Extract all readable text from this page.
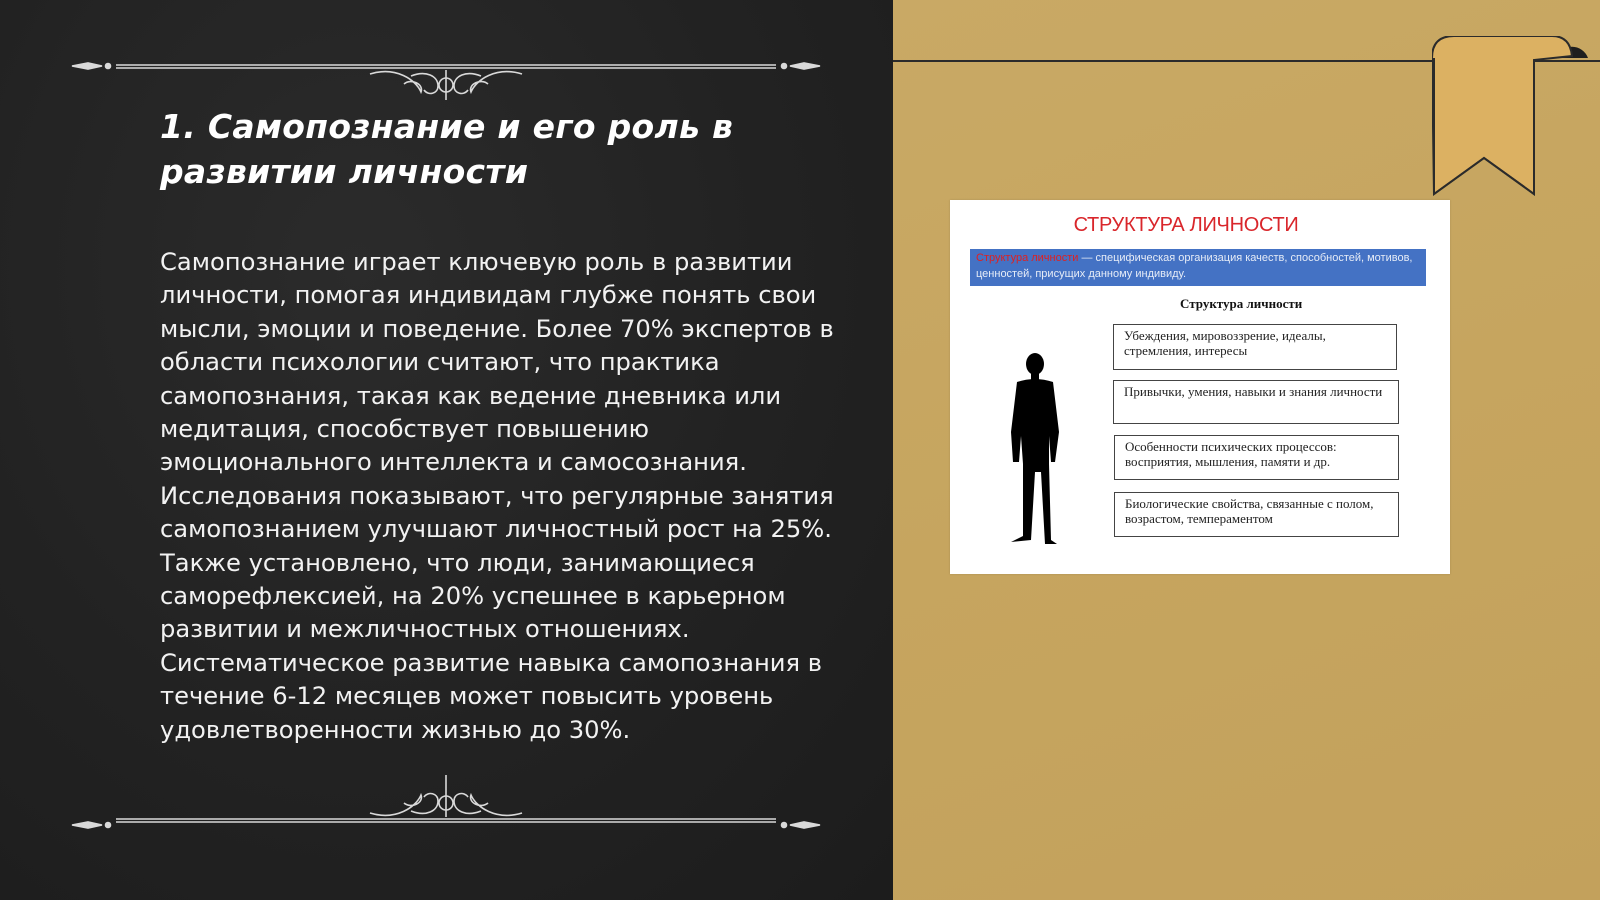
1. Самопознание и его роль в развитии личности

Самопознание играет ключевую роль в развитии личности, помогая индивидам глубже понять свои мысли, эмоции и поведение. Более 70% экспертов в области психологии считают, что практика самопознания, такая как ведение дневника или медитация, способствует повышению эмоционального интеллекта и самосознания. Исследования показывают, что регулярные занятия самопознанием улучшают личностный рост на 25%. Также установлено, что люди, занимающиеся саморефлексией, на 20% успешнее в карьерном развитии и межличностных отношениях. Систематическое развитие навыка самопознания в течение 6-12 месяцев может повысить уровень удовлетворенности жизнью до 30%.

СТРУКТУРА ЛИЧНОСТИ
Структура личности — специфическая организация качеств, способностей, мотивов, ценностей, присущих данному индивиду.
Структура личности
Убеждения, мировоззрение, идеалы, стремления, интересы
Привычки, умения, навыки и знания личности
Особенности психических процессов: восприятия, мышления, памяти и др.
Биологические свойства, связанные с полом, возрастом, темпераментом
